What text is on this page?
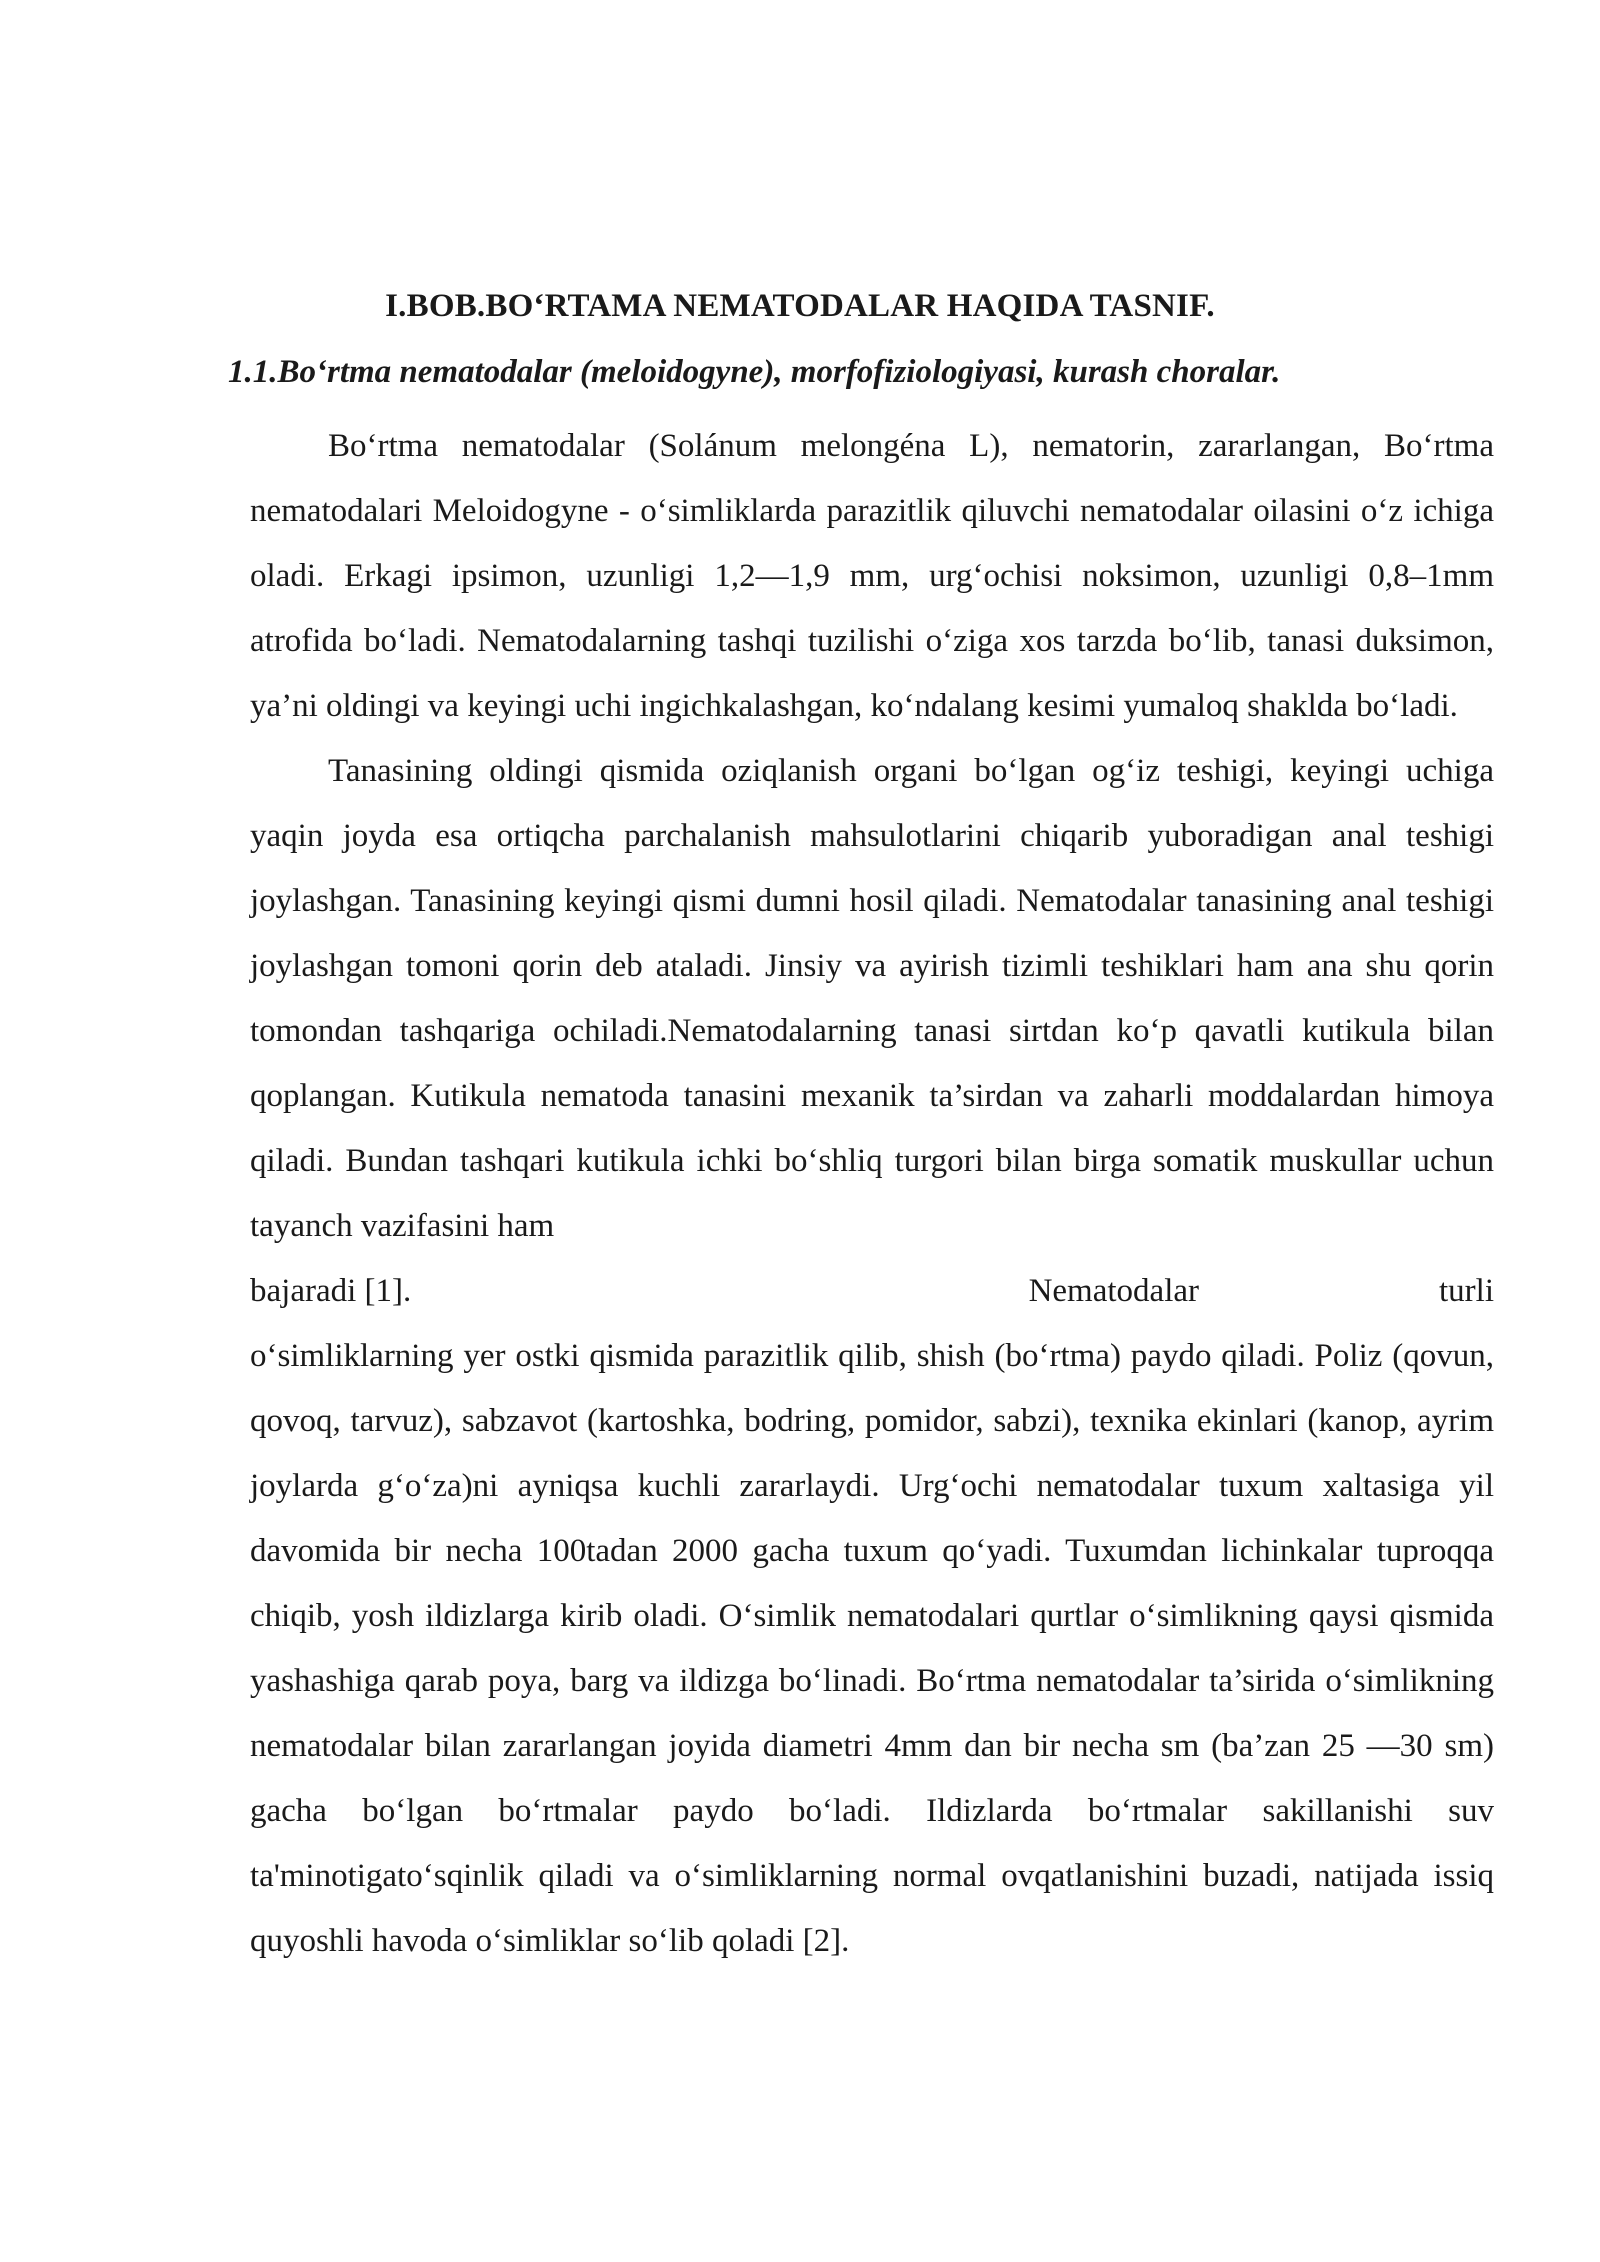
I.BOB.BO‘RTAMA NEMATODALAR HAQIDA TASNIF.
1.1.Bo‘rtma nematodalar (meloidogyne), morfofiziologiyasi, kurash choralar.

Bo‘rtma nematodalar (Solánum melongéna L), nematorin, zararlangan, Bo‘rtma nematodalari Meloidogyne - o‘simliklarda parazitlik qiluvchi nematodalar oilasini o‘z ichiga oladi. Erkagi ipsimon, uzunligi 1,2—1,9 mm, urg‘ochisi noksimon, uzunligi 0,8–1mm atrofida bo‘ladi. Nematodalarning tashqi tuzilishi o‘ziga xos tarzda bo‘lib, tanasi duksimon, ya’ni oldingi va keyingi uchi ingichkalashgan, ko‘ndalang kesimi yumaloq shaklda bo‘ladi.

Tanasining oldingi qismida oziqlanish organi bo‘lgan og‘iz teshigi, keyingi uchiga yaqin joyda esa ortiqcha parchalanish mahsulotlarini chiqarib yuboradigan anal teshigi joylashgan. Tanasining keyingi qismi dumni hosil qiladi. Nematodalar tanasining anal teshigi joylashgan tomoni qorin deb ataladi. Jinsiy va ayirish tizimli teshiklari ham ana shu qorin tomondan tashqariga ochiladi.Nematodalarning tanasi sirtdan ko‘p qavatli kutikula bilan qoplangan. Kutikula nematoda tanasini mexanik ta’sirdan va zaharli moddalardan himoya qiladi. Bundan tashqari kutikula ichki bo‘shliq turgori bilan birga somatik muskullar uchun tayanch vazifasini ham

bajaradi [1].	Nematodalar	turli

o‘simliklarning yer ostki qismida parazitlik qilib, shish (bo‘rtma) paydo qiladi. Poliz (qovun, qovoq, tarvuz), sabzavot (kartoshka, bodring, pomidor, sabzi), texnika ekinlari (kanop, ayrim joylarda g‘o‘za)ni ayniqsa kuchli zararlaydi. Urg‘ochi nematodalar tuxum xaltasiga yil davomida bir necha 100tadan 2000 gacha tuxum qo‘yadi. Tuxumdan lichinkalar tuproqqa chiqib, yosh ildizlarga kirib oladi. O‘simlik nematodalari qurtlar o‘simlikning qaysi qismida yashashiga qarab poya, barg va ildizga bo‘linadi. Bo‘rtma nematodalar ta’sirida o‘simlikning nematodalar bilan zararlangan joyida diametri 4mm dan bir necha sm (ba’zan 25 —30 sm) gacha bo‘lgan bo‘rtmalar paydo bo‘ladi. Ildizlarda bo‘rtmalar sakillanishi suv ta'minotigato‘sqinlik qiladi va o‘simliklarning normal ovqatlanishini buzadi, natijada issiq quyoshli havoda o‘simliklar so‘lib qoladi [2].
